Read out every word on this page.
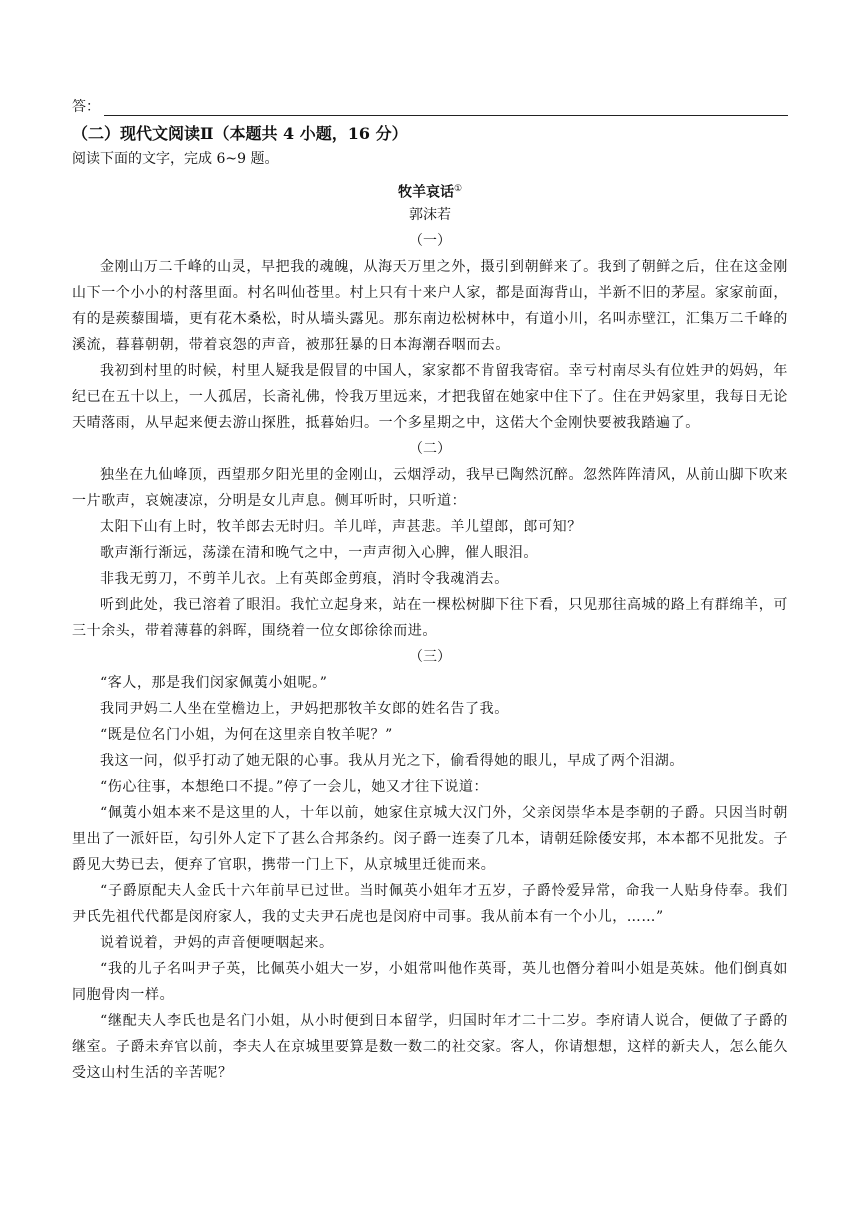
答：
（二）现代文阅读Ⅱ（本题共 4 小题，16 分）
阅读下面的文字，完成 6~9 题。
牧羊哀话①
郭沫若
（一）

金刚山万二千峰的山灵，早把我的魂魄，从海天万里之外，摄引到朝鲜来了。我到了朝鲜之后，住在这金刚山下一个小小的村落里面。村名叫仙苍里。村上只有十来户人家，都是面海背山，半新不旧的茅屋。家家前面，有的是蒺藜围墙，更有花木桑松，时从墙头露见。那东南边松树林中，有道小川，名叫赤壁江，汇集万二千峰的溪流，暮暮朝朝，带着哀怨的声音，被那狂暴的日本海潮吞咽而去。

我初到村里的时候，村里人疑我是假冒的中国人，家家都不肯留我寄宿。幸亏村南尽头有位姓尹的妈妈，年纪已在五十以上，一人孤居，长斋礼佛，怜我万里远来，才把我留在她家中住下了。住在尹妈家里，我每日无论天晴落雨，从早起来便去游山探胜，抵暮始归。一个多星期之中，这偌大个金刚快要被我踏遍了。

（二）

独坐在九仙峰顶，西望那夕阳光里的金刚山，云烟浮动，我早已陶然沉醉。忽然阵阵清风，从前山脚下吹来一片歌声，哀婉凄凉，分明是女儿声息。侧耳听时，只听道：

太阳下山有上时，牧羊郎去无时归。羊儿咩，声甚悲。羊儿望郎，郎可知？

歌声渐行渐远，荡漾在清和晚气之中，一声声彻入心脾，催人眼泪。

非我无剪刀，不剪羊儿衣。上有英郎金剪痕，消时令我魂消去。

听到此处，我已溶着了眼泪。我忙立起身来，站在一棵松树脚下往下看，只见那往高城的路上有群绵羊，可三十余头，带着薄暮的斜晖，围绕着一位女郎徐徐而进。

（三）

“客人，那是我们闵家佩荑小姐呢。”

我同尹妈二人坐在堂檐边上，尹妈把那牧羊女郎的姓名告了我。

“既是位名门小姐，为何在这里亲自牧羊呢？”

我这一问，似乎打动了她无限的心事。我从月光之下，偷看得她的眼儿，早成了两个泪湖。

“伤心往事，本想绝口不提。”停了一会儿，她又才往下说道：

“佩荑小姐本来不是这里的人，十年以前，她家住京城大汉门外，父亲闵崇华本是李朝的子爵。只因当时朝里出了一派奸臣，勾引外人定下了甚么合邦条约。闵子爵一连奏了几本，请朝廷除倭安邦，本本都不见批发。子爵见大势已去，便弃了官职，携带一门上下，从京城里迁徙而来。

“子爵原配夫人金氏十六年前早已过世。当时佩英小姐年才五岁，子爵怜爱异常，命我一人贴身侍奉。我们尹氏先祖代代都是闵府家人，我的丈夫尹石虎也是闵府中司事。我从前本有一个小儿，……”

说着说着，尹妈的声音便哽咽起来。

“我的儿子名叫尹子英，比佩英小姐大一岁，小姐常叫他作英哥，英儿也僭分着叫小姐是英妹。他们倒真如同胞骨肉一样。

“继配夫人李氏也是名门小姐，从小时便到日本留学，归国时年才二十二岁。李府请人说合，便做了子爵的继室。子爵未弃官以前，李夫人在京城里要算是数一数二的社交家。客人，你请想想，这样的新夫人，怎么能久受这山村生活的辛苦呢？
